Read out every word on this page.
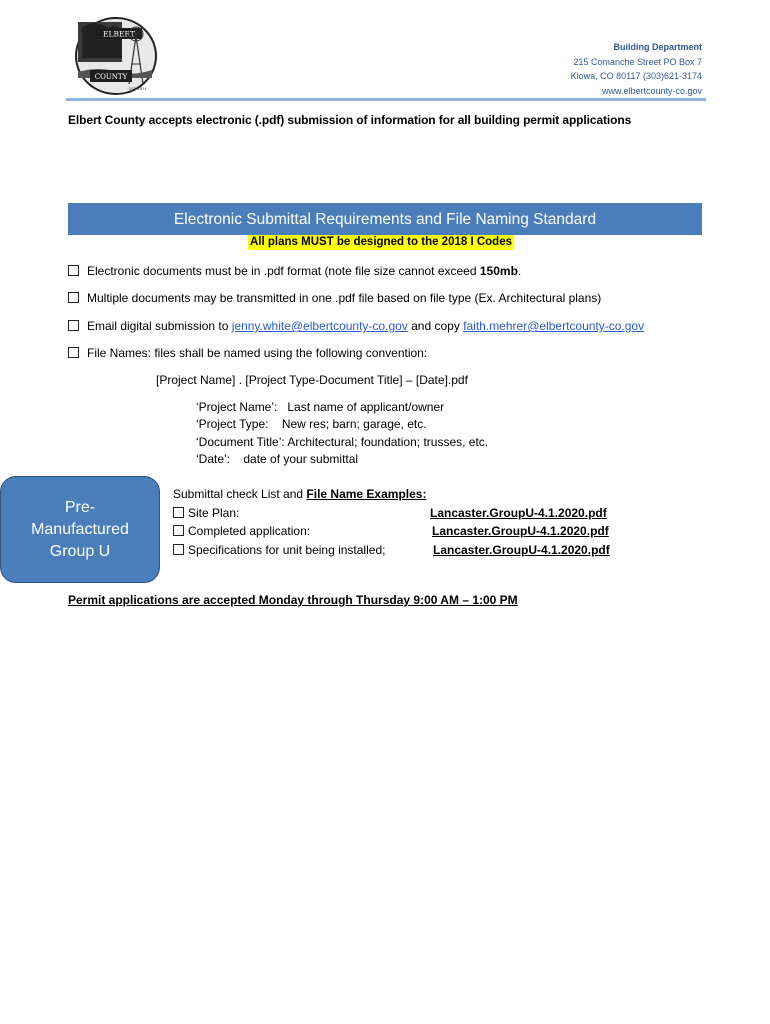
ELBERT
COUNTY
EST. 1874
Building Department
215 Comanche Street PO Box 7
Kiowa, CO 80117 (303)621-3174
www.elbertcounty-co.gov
Elbert County accepts electronic (.pdf) submission of information for all building permit applications
Electronic Submittal Requirements and File Naming Standard
All plans MUST be designed to the 2018 I Codes
Electronic documents must be in .pdf format (note file size cannot exceed 150mb.
Multiple documents may be transmitted in one .pdf file based on file type (Ex. Architectural plans)
Email digital submission to jenny.white@elbertcounty-co.gov and copy faith.mehrer@elbertcounty-co.gov
File Names: files shall be named using the following convention:
[Project Name] . [Project Type-Document Title] – [Date].pdf
‘Project Name’:   Last name of applicant/owner
‘Project Type:    New res; barn; garage, etc.
‘Document Title’: Architectural; foundation; trusses, etc.
‘Date’:    date of your submittal
Pre-Manufactured Group U
Submittal check List and File Name Examples:
Site Plan:	Lancaster.GroupU-4.1.2020.pdf
Completed application:	Lancaster.GroupU-4.1.2020.pdf
Specifications for unit being installed;	Lancaster.GroupU-4.1.2020.pdf
Permit applications are accepted Monday through Thursday 9:00 AM – 1:00 PM
